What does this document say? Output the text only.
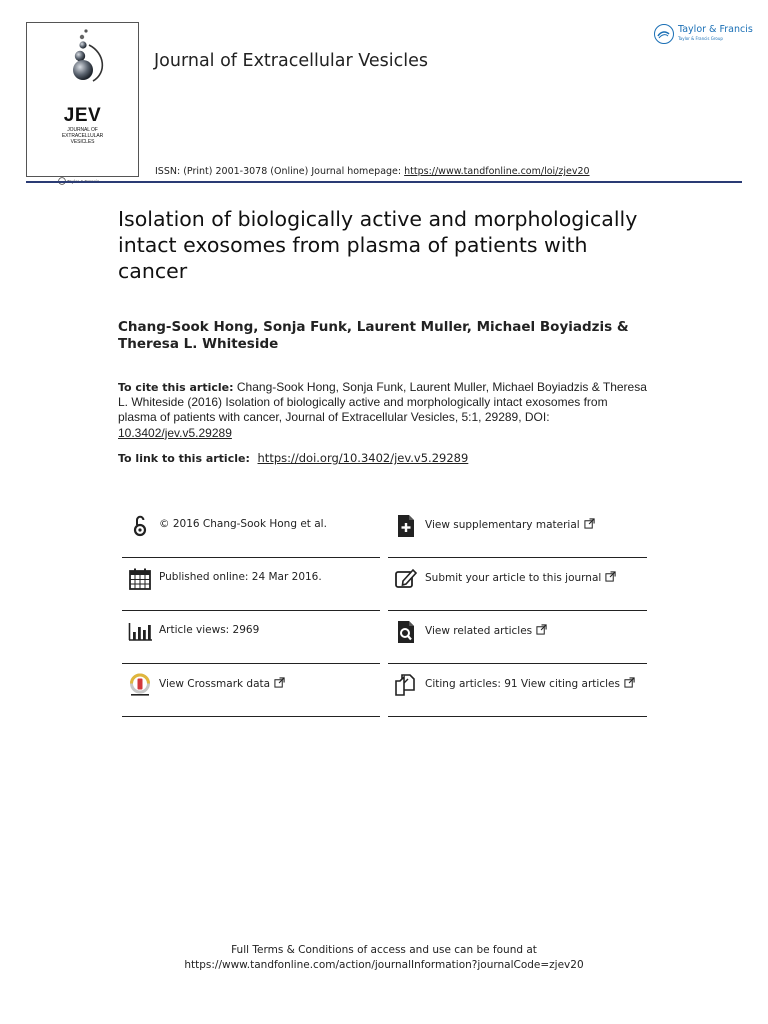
JEV
JOURNAL OF
EXTRACELLULAR
VESICLES
Journal of Extracellular Vesicles
Taylor & Francis
Taylor & Francis Group
ISSN: (Print) 2001-3078 (Online) Journal homepage: https://www.tandfonline.com/loi/zjev20
Isolation of biologically active and morphologically intact exosomes from plasma of patients with cancer
Chang-Sook Hong, Sonja Funk, Laurent Muller, Michael Boyiadzis & Theresa L. Whiteside
To cite this article: Chang-Sook Hong, Sonja Funk, Laurent Muller, Michael Boyiadzis & Theresa L. Whiteside (2016) Isolation of biologically active and morphologically intact exosomes from plasma of patients with cancer, Journal of Extracellular Vesicles, 5:1, 29289, DOI: 10.3402/jev.v5.29289
To link to this article: https://doi.org/10.3402/jev.v5.29289
© 2016 Chang-Sook Hong et al.
Published online: 24 Mar 2016.
Article views: 2969
View Crossmark data
View supplementary material
Submit your article to this journal
View related articles
Citing articles: 91 View citing articles
Full Terms & Conditions of access and use can be found at
https://www.tandfonline.com/action/journalInformation?journalCode=zjev20
